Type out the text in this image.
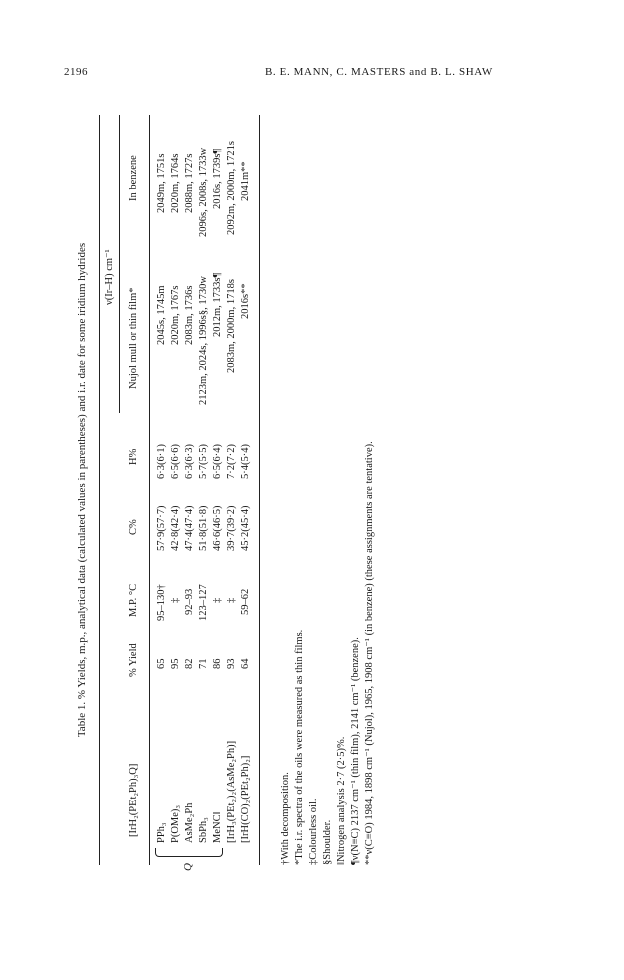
2196	B. E. MANN, C. MASTERS and B. L. SHAW
Table 1. % Yields, m.p., analytical data (calculated values in parentheses) and i.r. date for some iridium hydrides ν(Ir–H) cm⁻¹
[IrH₂(PEt₂Ph)₃Q]
% Yield
M.P. °C
C%
H%
Nujol mull or thin film*
In benzene
Q
PPh₃
65
95–130†
57·9(57·7)
6·3(6·1)
2045s, 1745m
2049m, 1751s
P(OMe)₃
95
‡
42·8(42·4)
6·5(6·6)
2020m, 1767s
2020m, 1764s
AsMe₂Ph
82
92–93
47·4(47·4)
6·3(6·3)
2083m, 1736s
2088m, 1727s
SbPh₃
71
123–127
51·8(51·8)
5·7(5·5)
2123m, 2024s, 1996s§, 1730w
2096s, 2008s, 1733w
MeNC‖
86
‡
46·6(46·5)
6·5(6·4)
2012m, 1733s¶
2016s, 1739s¶
[IrH₃(PEt₂)₂(AsMe₂Ph)]
93
‡
39·7(39·2)
7·2(7·2)
2083m, 2000m, 1718s
2092m, 2000m, 1721s
[IrH(CO)₂(PEt₂Ph)₂]
64
59–62
45·2(45·4)
5·4(5·4)
2016s**
2041m**
†With decomposition. *The i.r. spectra of the oils were measured as thin films. ‡Colourless oil. §Shoulder. ‖Nitrogen analysis 2·7 (2·5)%. ¶ν(N≡C) 2137 cm⁻¹ (thin film), 2141 cm⁻¹ (benzene). **ν(C≡O) 1984, 1898 cm⁻¹ (Nujol), 1965, 1908 cm⁻¹ (in benzene) (these assignments are tentative).
